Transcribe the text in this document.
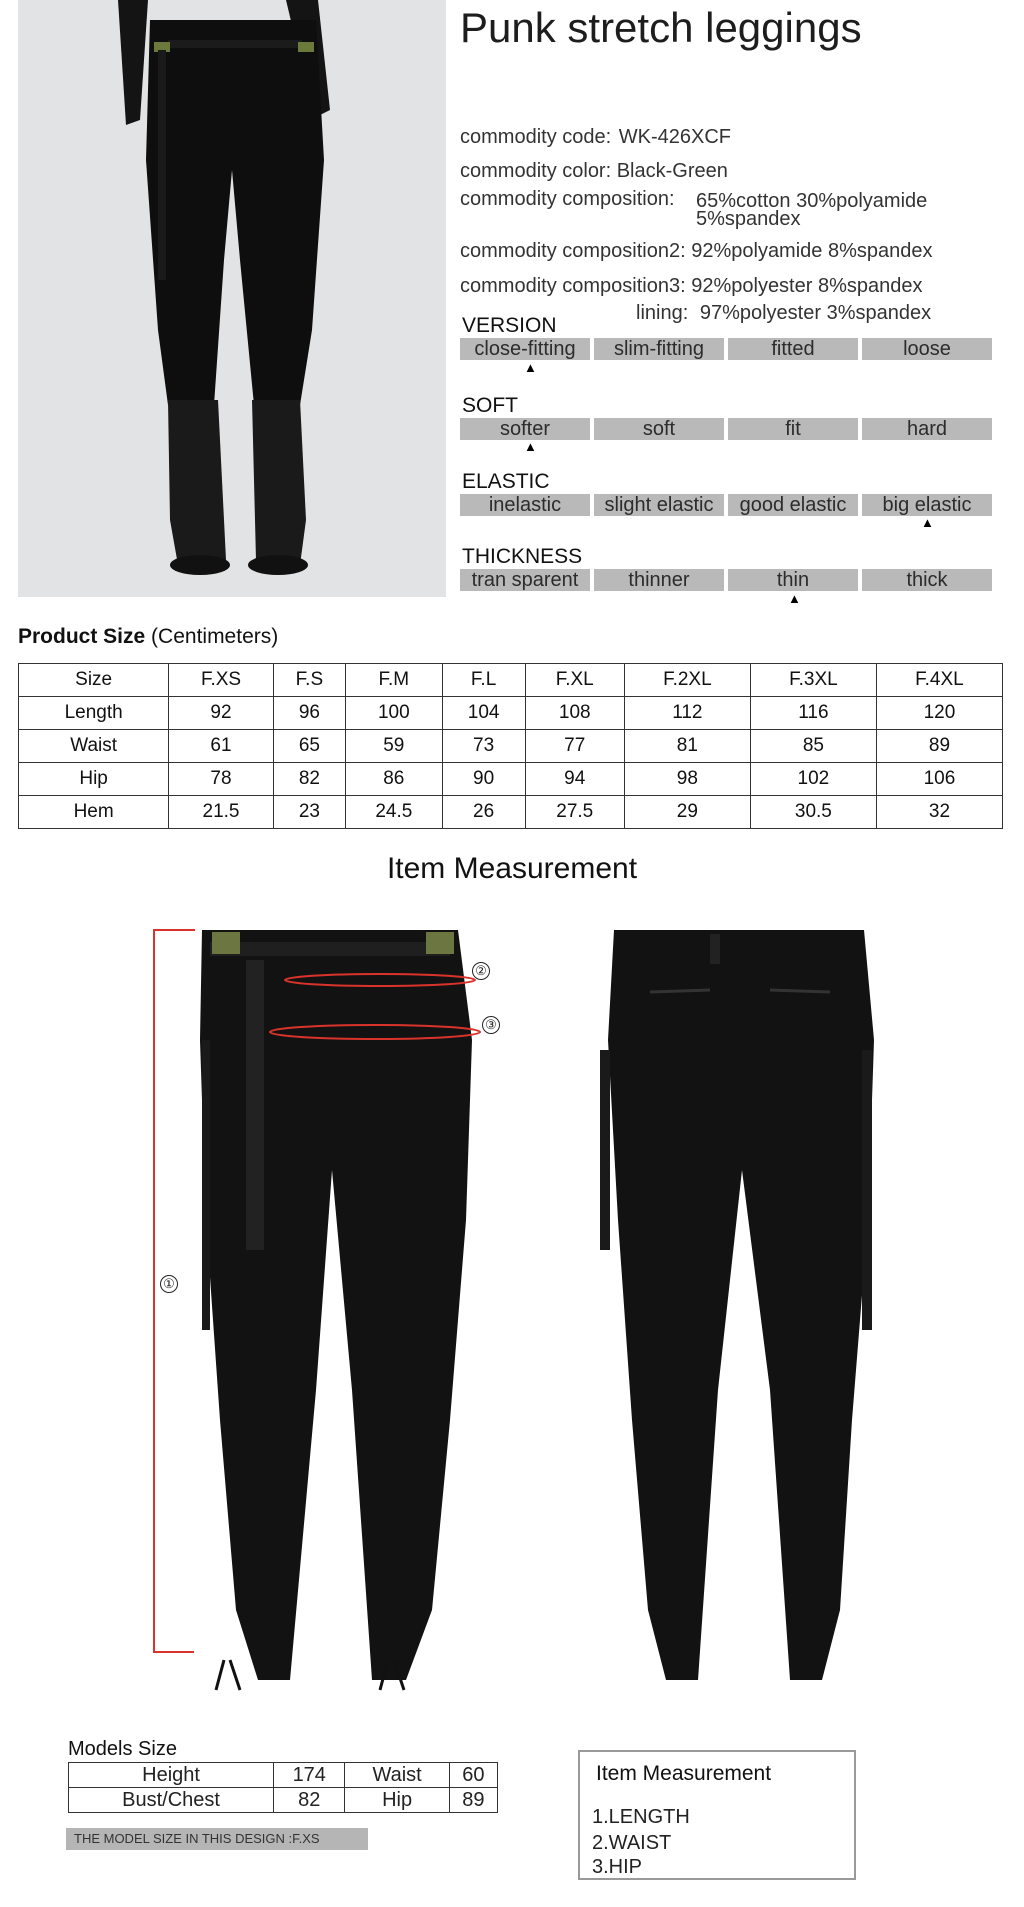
Punk stretch leggings
commodity code: WK-426XCF
commodity color: Black-Green
commodity composition: 65%cotton 30%polyamide
5%spandex
commodity composition2: 92%polyamide 8%spandex
commodity composition3: 92%polyester 8%spandex
lining: 97%polyester 3%spandex
VERSION
close-fitting	slim-fitting	fitted	loose
▲
SOFT
softer	soft	fit	hard
▲
ELASTIC
inelastic	slight elastic	good elastic	big elastic
▲
THICKNESS
tran sparent	thinner	thin	thick
▲
Product Size (Centimeters)
Size	F.XS	F.S	F.M	F.L	F.XL	F.2XL	F.3XL	F.4XL
Length	92	96	100	104	108	112	116	120
Waist	61	65	59	73	77	81	85	89
Hip	78	82	86	90	94	98	102	106
Hem	21.5	23	24.5	26	27.5	29	30.5	32
Item Measurement
①
②
③
Models Size
Height	174	Waist	60
Bust/Chest	82	Hip	89
THE MODEL SIZE IN THIS DESIGN :F.XS
Item Measurement
1.LENGTH
2.WAIST
3.HIP
